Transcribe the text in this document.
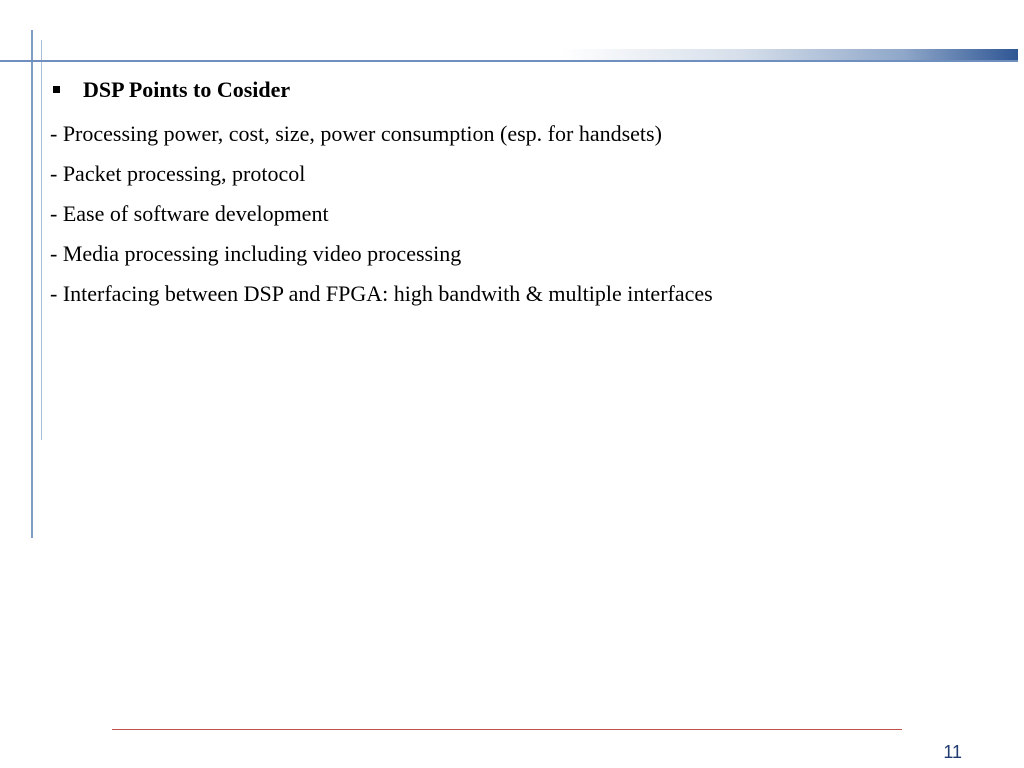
DSP Points to Cosider
- Processing power, cost, size, power consumption (esp. for handsets)
- Packet processing, protocol
- Ease of software development
- Media processing including video processing
- Interfacing between DSP and FPGA: high bandwith & multiple interfaces
11
